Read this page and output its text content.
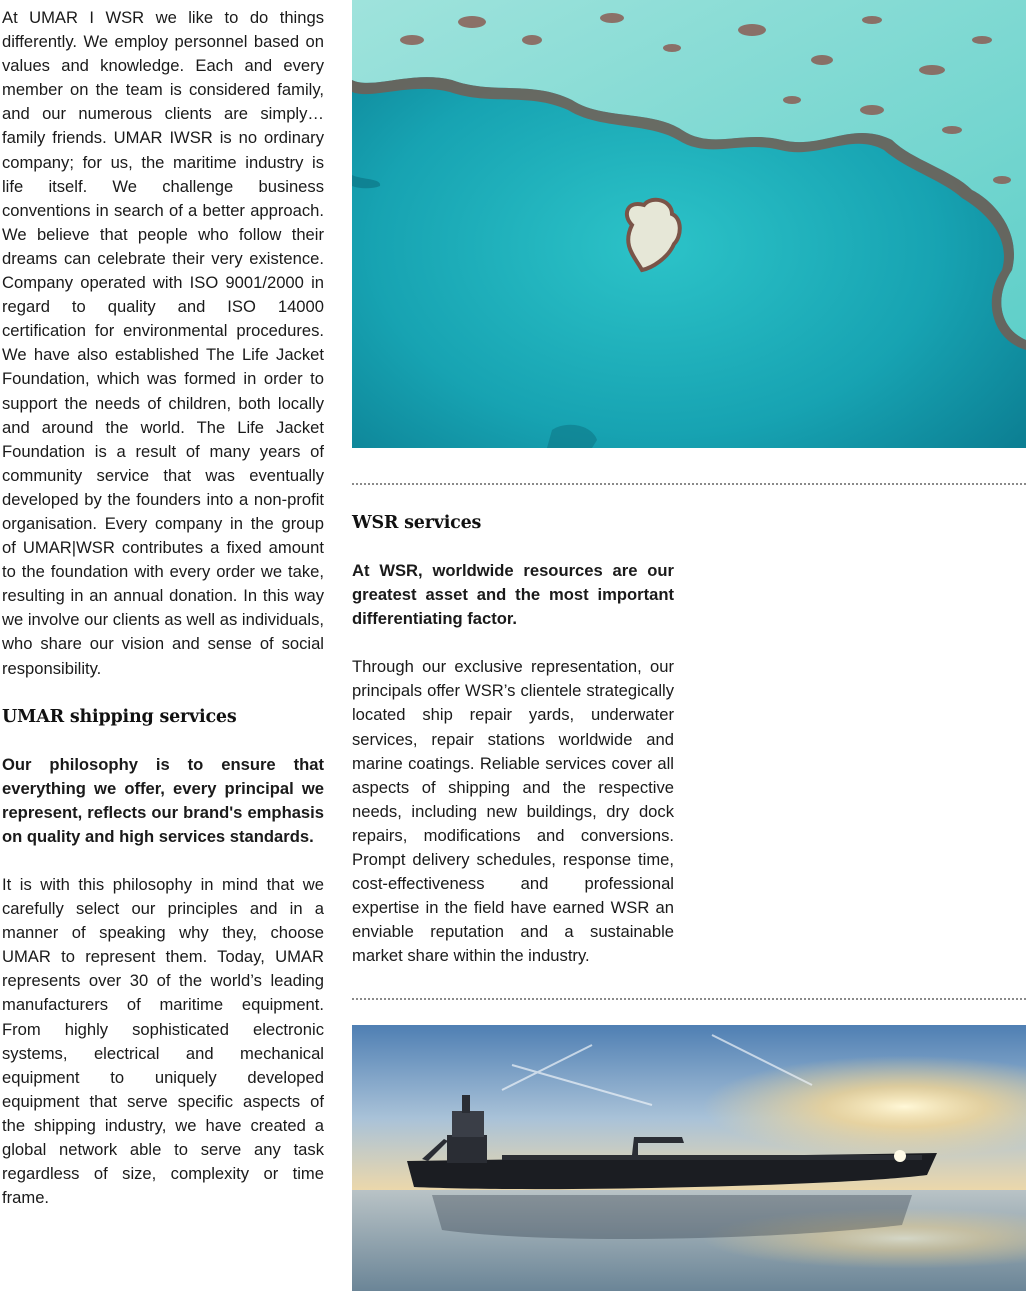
At UMAR I WSR we like to do things differently. We employ personnel based on values and knowledge. Each and every member on the team is considered family, and our numerous clients are simply… family friends. UMAR IWSR is no ordinary company; for us, the maritime industry is life itself. We challenge business conventions in search of a better approach. We believe that people who follow their dreams can celebrate their very existence. Company operated with ISO 9001/2000 in regard to quality and ISO 14000 certification for environmental procedures. We have also established The Life Jacket Foundation, which was formed in order to support the needs of children, both locally and around the world. The Life Jacket Foundation is a result of many years of community service that was eventually developed by the founders into a non-profit organisation. Every company in the group of UMAR|WSR contributes a fixed amount to the foundation with every order we take, resulting in an annual donation. In this way we involve our clients as well as individuals, who share our vision and sense of social responsibility.

UMAR shipping services

Our philosophy is to ensure that everything we offer, every principal we represent, reflects our brand's emphasis on quality and high services standards.

It is with this philosophy in mind that we carefully select our principles and in a manner of speaking why they, choose UMAR to represent them. Today, UMAR represents over 30 of the world’s leading manufacturers of maritime equipment. From highly sophisticated electronic systems, electrical and mechanical equipment to uniquely developed equipment that serve specific aspects of the shipping industry, we have created a global network able to serve any task regardless of size, complexity or time frame.

WSR services

At WSR, worldwide resources are our greatest asset and the most important differentiating factor.

Through our exclusive representation, our principals offer WSR’s clientele strategically located ship repair yards, underwater services, repair stations worldwide and marine coatings. Reliable services cover all aspects of shipping and the respective needs, including new buildings, dry dock repairs, modifications and conversions. Prompt delivery schedules, response time, cost-effectiveness and professional expertise in the field have earned WSR an enviable reputation and a sustainable market share within the industry.
